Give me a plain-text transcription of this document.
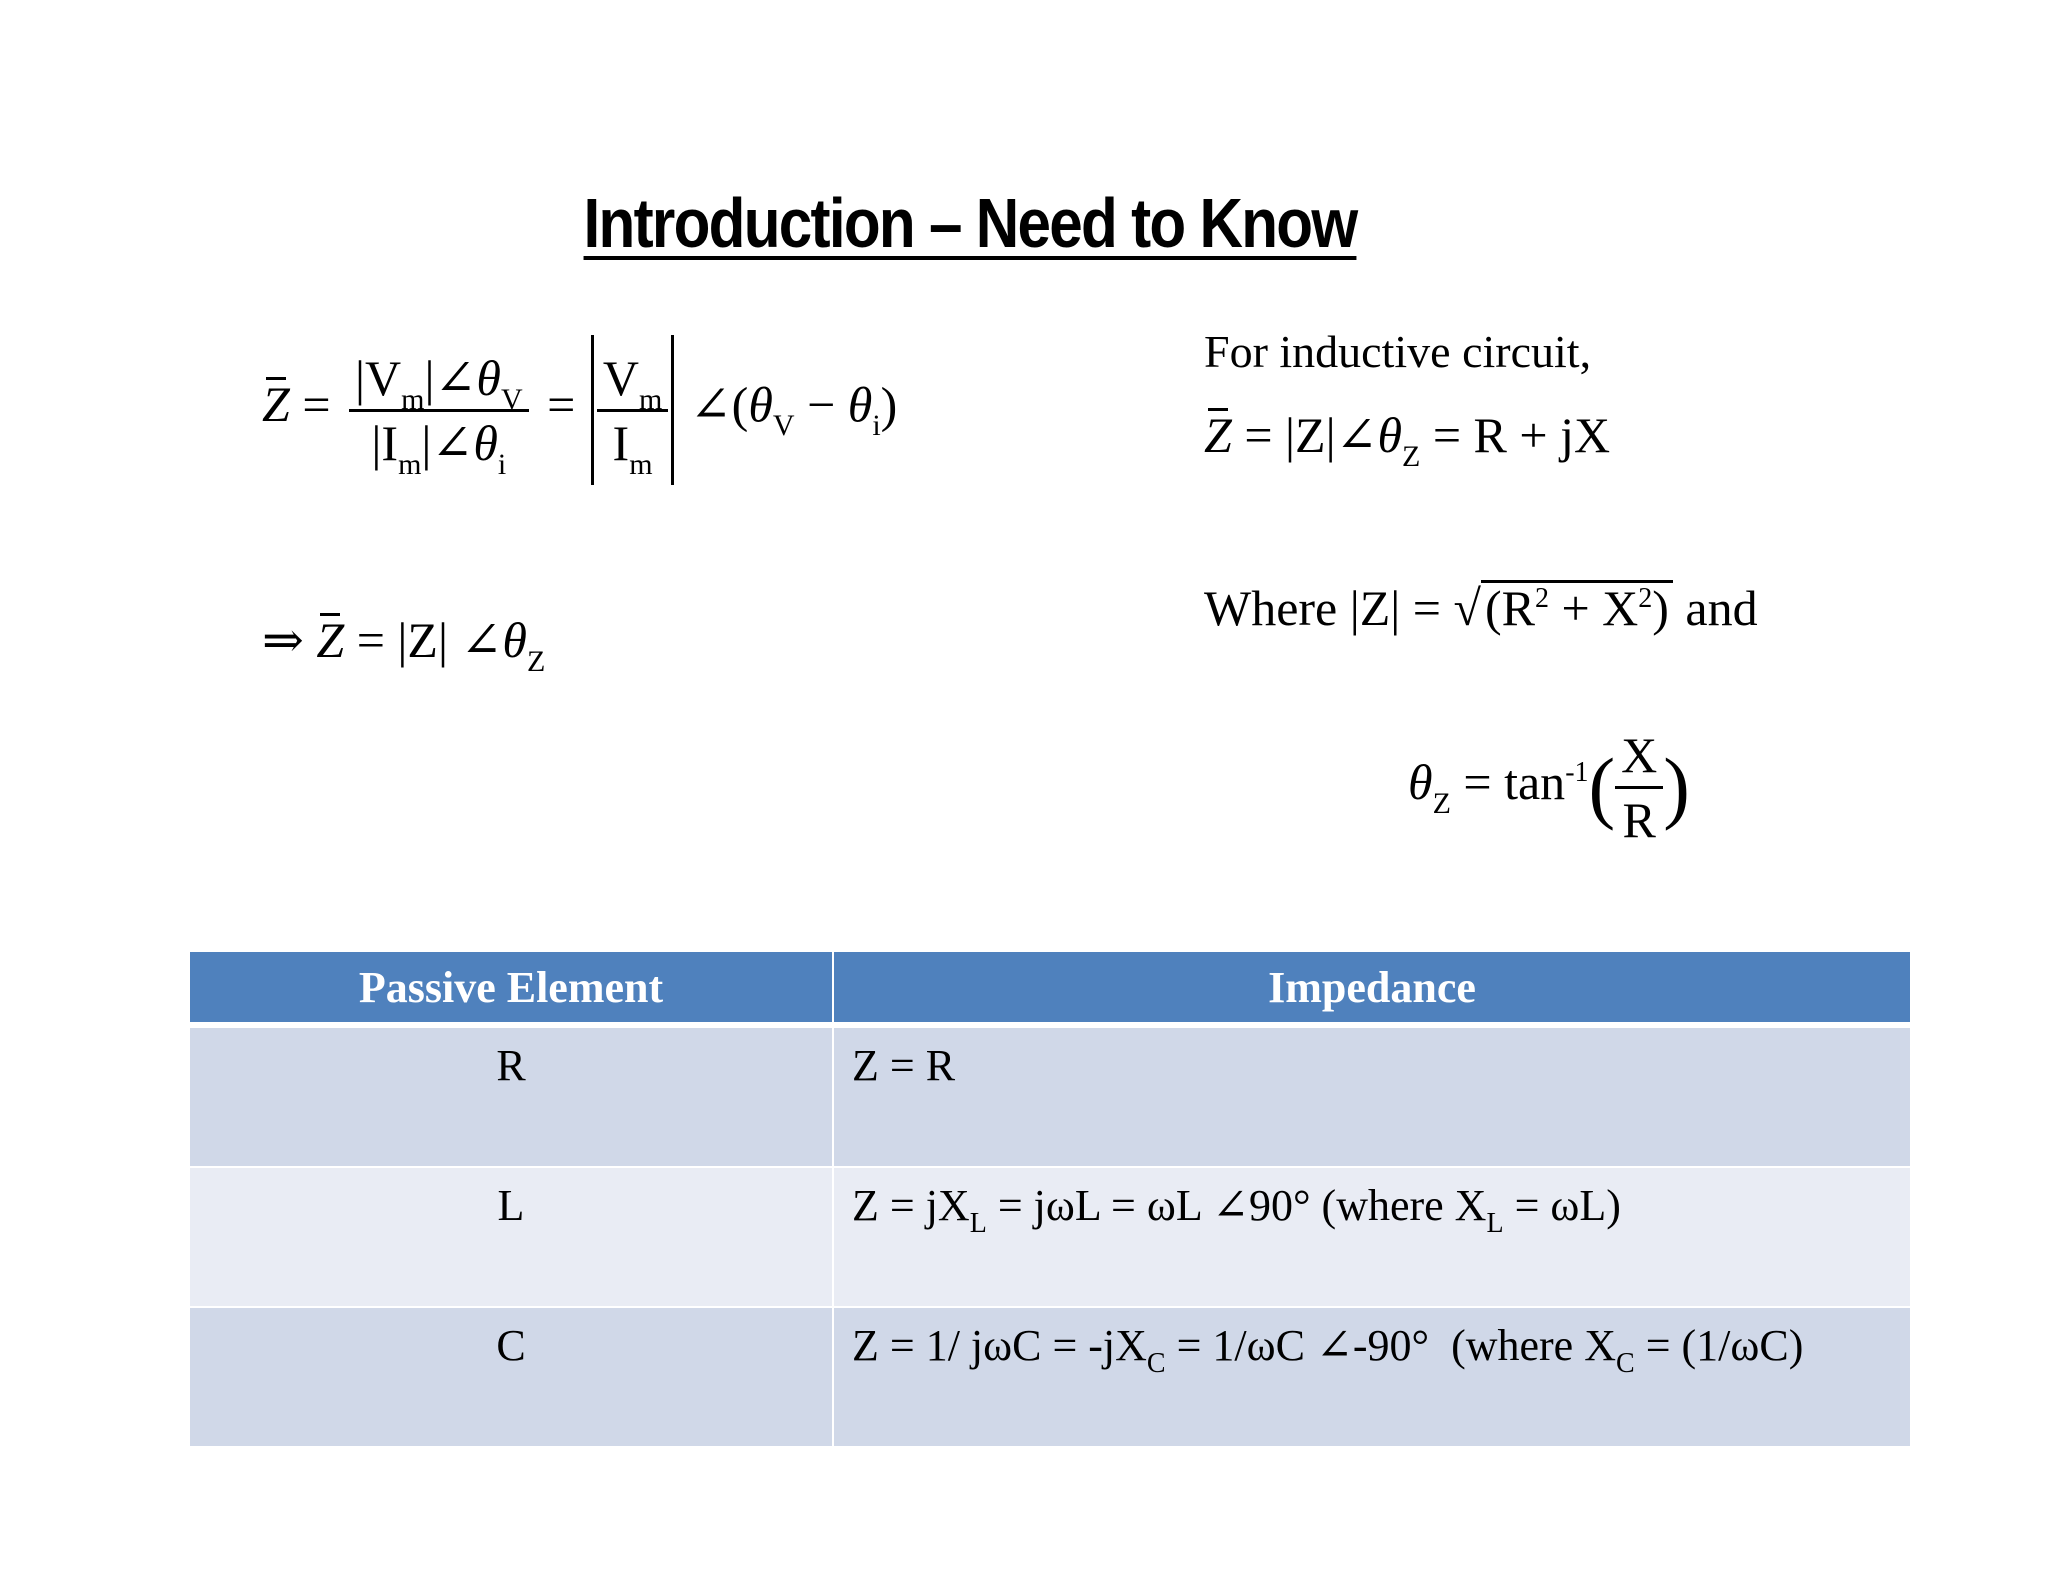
Introduction – Need to Know
$Z = \frac{|V_m|\angle\theta_V}{|I_m|\angle\theta_i} = \frac{V_m}{I_m}$ $\angle(\theta_V - \theta_i)$
⇒ Z = |Z| $\angle\theta_Z$
For inductive circuit,
$Z = |Z|\angle\theta_Z = R$ + jX
Where $|Z| = √(R^2 + X^2)$ and
$\theta_Z = \tan^{-1}( \frac{X}{R}$ )
Passive Element	Impedance
R	Z = R
L	$Z = jX_L = j\omega L = \omega L$ ∠90° (where $X_L = \omega L$)
C	Z = 1/ $j\omega C = -jX_C = 1/\omega C$ ∠-90°  (where $X_C = (1/\omega C)$
